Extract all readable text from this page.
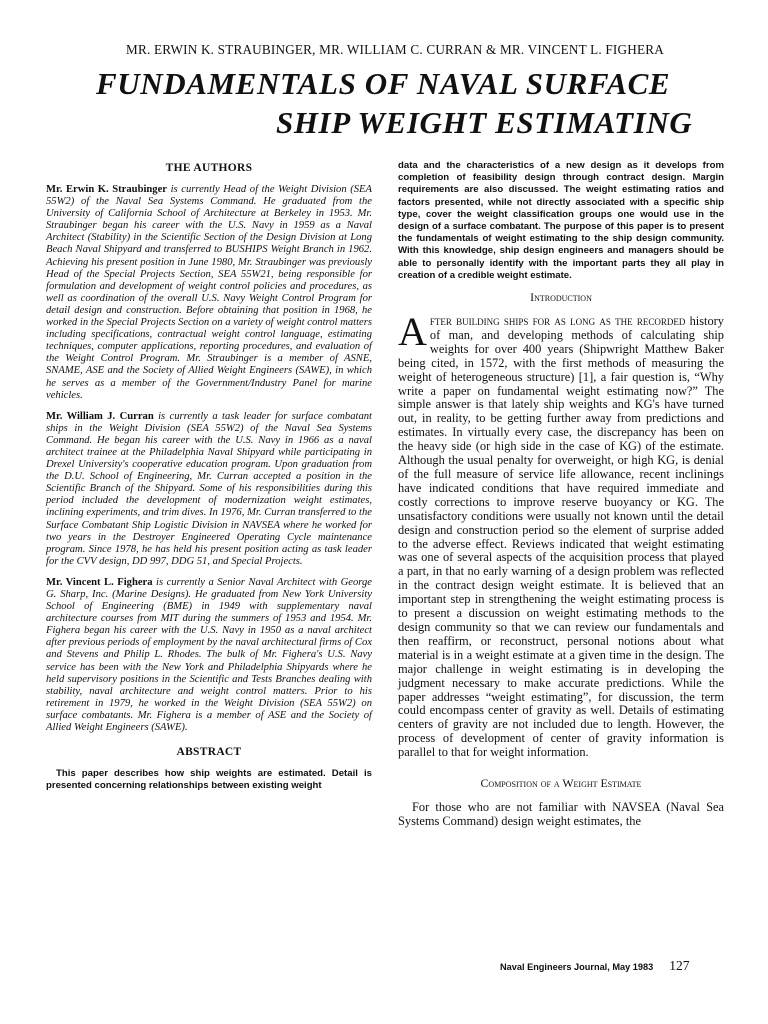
MR. ERWIN K. STRAUBINGER, MR. WILLIAM C. CURRAN & MR. VINCENT L. FIGHERA
FUNDAMENTALS OF NAVAL SURFACE
SHIP WEIGHT ESTIMATING
THE AUTHORS

Mr. Erwin K. Straubinger is currently Head of the Weight Division (SEA 55W2) of the Naval Sea Systems Command. He graduated from the University of California School of Architecture at Berkeley in 1953. Mr. Straubinger began his career with the U.S. Navy in 1959 as a Naval Architect (Stability) in the Scientific Section of the Design Division at Long Beach Naval Shipyard and transferred to BUSHIPS Weight Branch in 1962. Achieving his present position in June 1980, Mr. Straubinger was previously Head of the Special Projects Section, SEA 55W21, being responsible for formulation and development of weight control policies and procedures, as well as coordination of the overall U.S. Navy Weight Control Program for detail design and construction. Before obtaining that position in 1968, he worked in the Special Projects Section on a variety of weight control matters including specifications, contractual weight control language, estimating techniques, computer applications, reporting procedures, and evaluation of the Weight Control Program. Mr. Straubinger is a member of ASNE, SNAME, ASE and the Society of Allied Weight Engineers (SAWE), in which he serves as a member of the Government/Industry Panel for marine vehicles.

Mr. William J. Curran is currently a task leader for surface combatant ships in the Weight Division (SEA 55W2) of the Naval Sea Systems Command. He began his career with the U.S. Navy in 1966 as a naval architect trainee at the Philadelphia Naval Shipyard while participating in Drexel University's cooperative education program. Upon graduation from the D.U. School of Engineering, Mr. Curran accepted a position in the Scientific Branch of the Shipyard. Some of his responsibilities during this period included the development of modernization weight estimates, inclining experiments, and trim dives. In 1976, Mr. Curran transferred to the Surface Combatant Ship Logistic Division in NAVSEA where he worked for two years in the Destroyer Engineered Operating Cycle maintenance program. Since 1978, he has held his present position acting as task leader for the CVV design, DD 997, DDG 51, and Special Projects.

Mr. Vincent L. Fighera is currently a Senior Naval Architect with George G. Sharp, Inc. (Marine Designs). He graduated from New York University School of Engineering (BME) in 1949 with supplementary naval architecture courses from MIT during the summers of 1953 and 1954. Mr. Fighera began his career with the U.S. Navy in 1950 as a naval architect after previous periods of employment by the naval architectural firms of Cox and Stevens and Philip L. Rhodes. The bulk of Mr. Fighera's U.S. Navy service has been with the New York and Philadelphia Shipyards where he held supervisory positions in the Scientific and Tests Branches dealing with stability, naval architecture and weight control matters. Prior to his retirement in 1979, he worked in the Weight Division (SEA 55W2) on surface combatants. Mr. Fighera is a member of ASE and the Society of Allied Weight Engineers (SAWE).

ABSTRACT

This paper describes how ship weights are estimated. Detail is presented concerning relationships between existing weight

data and the characteristics of a new design as it develops from completion of feasibility design through contract design. Margin requirements are also discussed. The weight estimating ratios and factors presented, while not directly associated with a specific ship type, cover the weight classification groups one would use in the design of a surface combatant. The purpose of this paper is to present the fundamentals of weight estimating to the ship design community. With this knowledge, ship design engineers and managers should be able to personally identify with the important parts they all play in creation of a credible weight estimate.

Introduction

After building ships for as long as the recorded history of man, and developing methods of calculating ship weights for over 400 years (Shipwright Matthew Baker being cited, in 1572, with the first methods of measuring the weight of heterogeneous structure) [1], a fair question is, “Why write a paper on fundamental weight estimating now?” The simple answer is that lately ship weights and KG's have turned out, in reality, to be getting further away from predictions and estimates. In virtually every case, the discrepancy has been on the heavy side (or high side in the case of KG) of the estimate. Although the usual penalty for overweight, or high KG, is denial of the full measure of service life allowance, recent inclinings have indicated conditions that have required immediate and costly corrections to improve reserve buoyancy or KG. The unsatisfactory conditions were usually not known until the detail design and construction period so the element of surprise added to the adverse effect. Reviews indicated that weight estimating was one of several aspects of the acquisition process that played a part, in that no early warning of a design problem was reflected in the contract design weight estimate. It is believed that an important step in strengthening the weight estimating process is to present a discussion on weight estimating methods to the design community so that we can review our fundamentals and then reaffirm, or reconstruct, personal notions about what material is in a weight estimate at a given time in the design. The major challenge in weight estimating is in developing the judgment necessary to make accurate predictions. While the paper addresses “weight estimating”, for discussion, the term could encompass center of gravity as well. Details of estimating centers of gravity are not included due to length. However, the process of development of center of gravity information is parallel to that for weight information.

Composition of a Weight Estimate

For those who are not familiar with NAVSEA (Naval Sea Systems Command) design weight estimates, the

Naval Engineers Journal, May 1983 127
